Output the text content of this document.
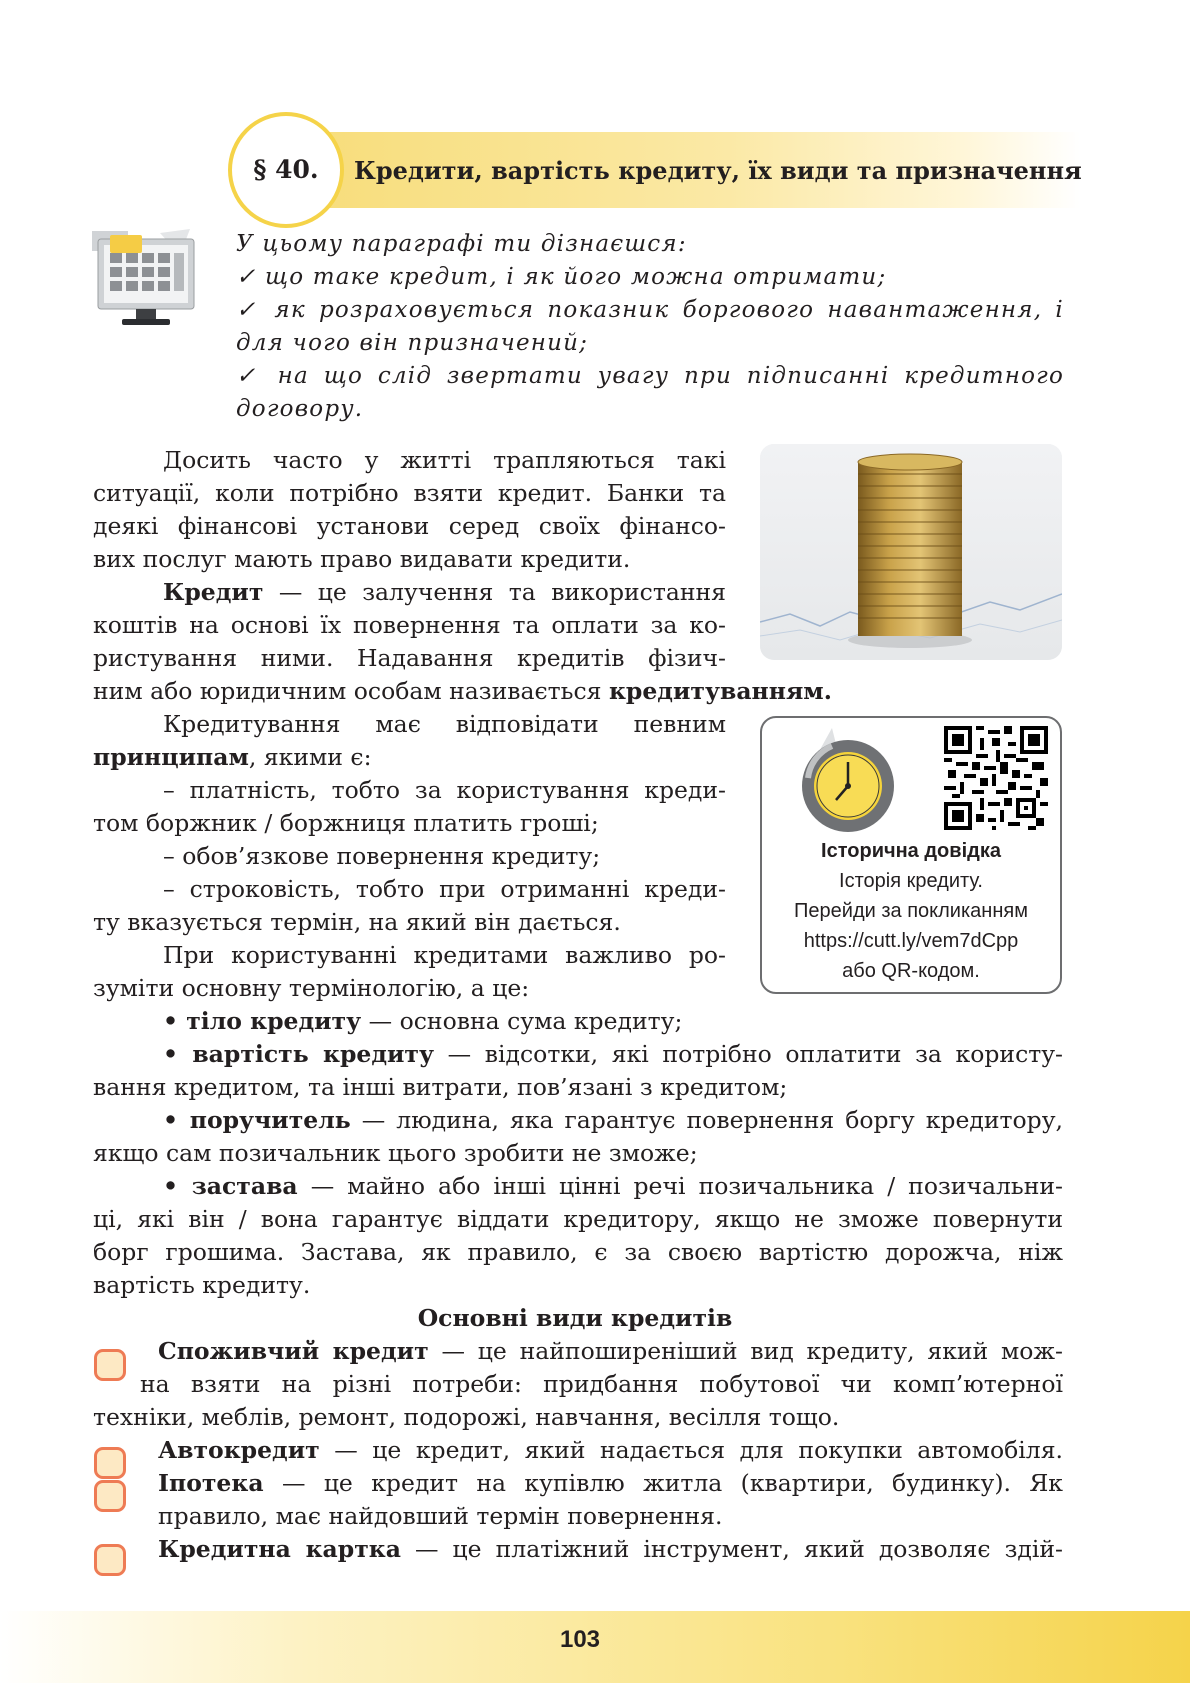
§ 40.	Кредити, вартість кредиту, їх види та призначення
У цьому параграфі ти дізнаєшся:
✓ що таке кредит, і як його можна отримати;
✓ як розраховується показник боргового навантаження, і
для чого він призначений;
✓ на що слід звертати увагу при підписанні кредитного
договору.
Історична довідка
Історія кредиту.
Перейди за покликанням
https://cutt.ly/vem7dCpp
або QR-кодом.
Досить часто у житті трапляються такі
ситуації, коли потрібно взяти кредит. Банки та
деякі фінансові установи серед своїх фінансо-
вих послуг мають право видавати кредити.
Кредит — це залучення та використання
коштів на основі їх повернення та оплати за ко-
ристування ними. Надавання кредитів фізич-
ним або юридичним особам називається кредитуванням.
Кредитування має відповідати певним
принципам, якими є:
– платність, тобто за користування креди-
том боржник / боржниця платить гроші;
– обов’язкове повернення кредиту;
– строковість, тобто при отриманні креди-
ту вказується термін, на який він дається.
При користуванні кредитами важливо ро-
зуміти основну термінологію, а це:
• тіло кредиту — основна сума кредиту;
• вартість кредиту — відсотки, які потрібно оплатити за користу-
вання кредитом, та інші витрати, пов’язані з кредитом;
• поручитель — людина, яка гарантує повернення боргу кредитору,
якщо сам позичальник цього зробити не зможе;
• застава — майно або інші цінні речі позичальника / позичальни-
ці, які він / вона гарантує віддати кредитору, якщо не зможе повернути
борг грошима. Застава, як правило, є за своєю вартістю дорожча, ніж
вартість кредиту.
Основні види кредитів
Споживчий кредит — це найпоширеніший вид кредиту, який мож-
на взяти на різні потреби: придбання побутової чи комп’ютерної
техніки, меблів, ремонт, подорожі, навчання, весілля тощо.
Автокредит — це кредит, який надається для покупки автомобіля.
Іпотека — це кредит на купівлю житла (квартири, будинку). Як
правило, має найдовший термін повернення.
Кредитна картка — це платіжний інструмент, який дозволяє здій-
103
